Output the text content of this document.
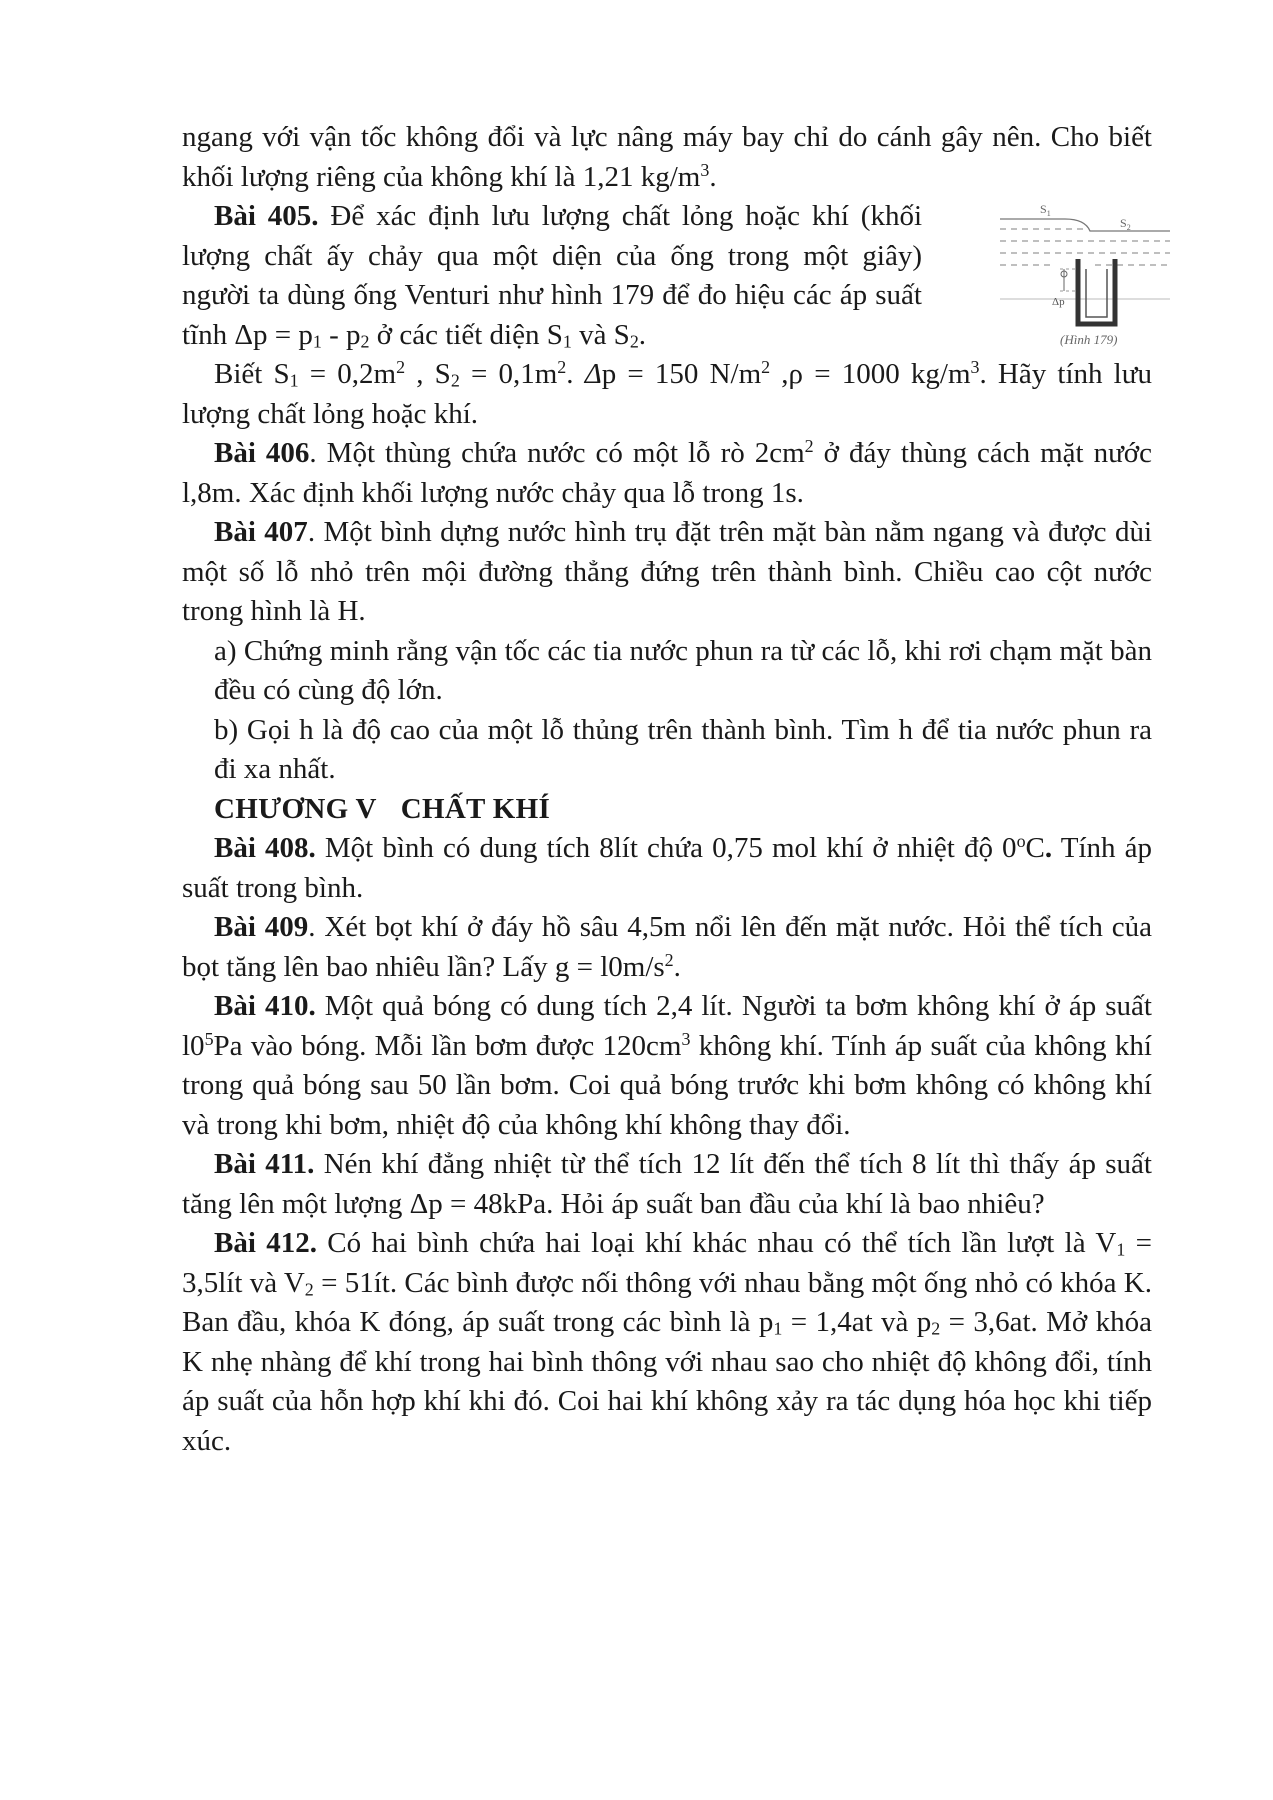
ngang với vận tốc không đổi và lực nâng máy bay chỉ do cánh gây nên. Cho biết khối lượng riêng của không khí là 1,21 $kg/m^3$.

$S_1$
$S_2$
Δp
(Hình 179)

Bài 405. Để xác định lưu lượng chất lỏng hoặc khí (khối lượng chất ấy chảy qua một diện của ống trong một giây) người ta dùng ống Venturi như hình 179 để đo hiệu các áp suất tĩnh $\Delta p = p_1 - p_2$ ở các tiết diện $S_1$ và $S_2$.

Biết $S_1 = 0,2m^2$ , $S_2 = 0,1m^2$. Δp = 150 $N/m^2$ ,ρ = 1000 $kg/m^3$. Hãy tính lưu lượng chất lỏng hoặc khí.

Bài 406. Một thùng chứa nước có một lỗ rò $2cm^2$ ở đáy thùng cách mặt nước l,8m. Xác định khối lượng nước chảy qua lỗ trong 1s.

Bài 407. Một bình dựng nước hình trụ đặt trên mặt bàn nằm ngang và được dùi một số lỗ nhỏ trên mội đường thẳng đứng trên thành bình. Chiều cao cột nước trong hình là H.

a) Chứng minh rằng vận tốc các tia nước phun ra từ các lỗ, khi rơi chạm mặt bàn đều có cùng độ lớn.

b) Gọi h là độ cao của một lỗ thủng trên thành bình. Tìm h để tia nước phun ra đi xa nhất.

CHƯƠNG V CHẤT KHÍ

Bài 408. Một bình có dung tích 8lít chứa 0,75 mol khí ở nhiệt độ 0$^o$C. Tính áp suất trong bình.

Bài 409. Xét bọt khí ở đáy hồ sâu 4,5m nổi lên đến mặt nước. Hỏi thể tích của bọt tăng lên bao nhiêu lần? Lấy $g = l0m/s^2$.

Bài 410. Một quả bóng có dung tích 2,4 lít. Người ta bơm không khí ở áp suất $l0^5Pa$ vào bóng. Mỗi lần bơm được $120cm^3$ không khí. Tính áp suất của không khí trong quả bóng sau 50 lần bơm. Coi quả bóng trước khi bơm không có không khí và trong khi bơm, nhiệt độ của không khí không thay đổi.

Bài 411. Nén khí đẳng nhiệt từ thể tích 12 lít đến thể tích 8 lít thì thấy áp suất tăng lên một lượng Δp = 48kPa. Hỏi áp suất ban đầu của khí là bao nhiêu?

Bài 412. Có hai bình chứa hai loại khí khác nhau có thể tích lần lượt là $V_1$ = 3,5lít và $V_2$ = 51ít. Các bình được nối thông với nhau bằng một ống nhỏ có khóa K. Ban đầu, khóa K đóng, áp suất trong các bình là $p_1 = 1,4at$ và $p_2 = 3,6at$. Mở khóa K nhẹ nhàng để khí trong hai bình thông với nhau sao cho nhiệt độ không đổi, tính áp suất của hỗn hợp khí khi đó. Coi hai khí không xảy ra tác dụng hóa học khi tiếp xúc.
